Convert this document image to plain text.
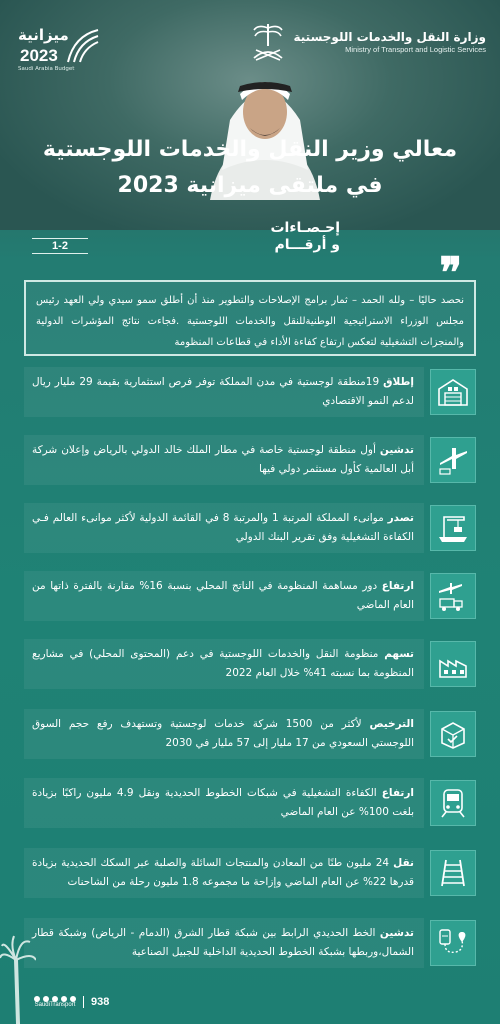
وزارة النقل والخدمات اللوجستية
Ministry of Transport and Logistic Services
ميزانية
2023
Saudi Arabia Budget
معالي وزير النقل والخدمات اللوجستية
في ملتقى ميزانية 2023
إحـصـاءات
و أرقـــام
1-2
❞
نحصد حاليًا – ولله الحمد – ثمار برامج الإصلاحات والتطوير منذ أن أطلق سمو سيدي ولي العهد رئيس مجلس الوزراء الاستراتيجية الوطنيةللنقل والخدمات اللوجستية .فجاءت نتائج المؤشرات الدولية والمنجزات التشغيلية لتعكس ارتفاع كفاءة الأداء في قطاعات المنظومة
إطلاق 19منطقة لوجستية في مدن المملكة توفر فرص استثمارية بقيمة 29 مليار ريال لدعم النمو الاقتصادي
تدشين أول منطقة لوجستية خاصة في مطار الملك خالد الدولي بالرياض وإعلان شركة أبل العالمية كأول مستثمر دولي فيها
تصدر موانىء المملكة المرتبة 1 والمرتبة 8 في القائمة الدولية لأكثر موانىء العالم فـي الكفاءة التشغيلية وفق تقرير البنك الدولي
ارتفاع دور مساهمة المنظومة في الناتج المحلي بنسبة 16% مقارنة بالفترة ذاتها من العام الماضي
تسهم منظومة النقل والخدمات اللوجستية في دعم (المحتوى المحلي) في مشاريع المنظومة بما نسبته 41% خلال العام 2022
الترخيص لأكثر من 1500 شركة خدمات لوجستية وتستهدف رفع حجم السوق اللوجستي السعودي من 17 مليار إلى 57 مليار في 2030
ارتفاع الكفاءة التشغيلية في شبكات الخطوط الحديدية ونقل 4.9 مليون راكبًا بزيادة بلغت 100% عن العام الماضي
نقل 24 مليون طنًا من المعادن والمنتجات السائلة والصلبة عبر السكك الحديدية بزيادة قدرها 22% عن العام الماضي وإزاحة ما مجموعه 1.8 مليون رحلة من الشاحنات
تدشين الخط الحديدي الرابط بين شبكة قطار الشرق (الدمام - الرياض) وشبكة قطار الشمال،وربطها بشبكة الخطوط الحديدية الداخلية للجبيل الصناعية
SaudiTransport 938
